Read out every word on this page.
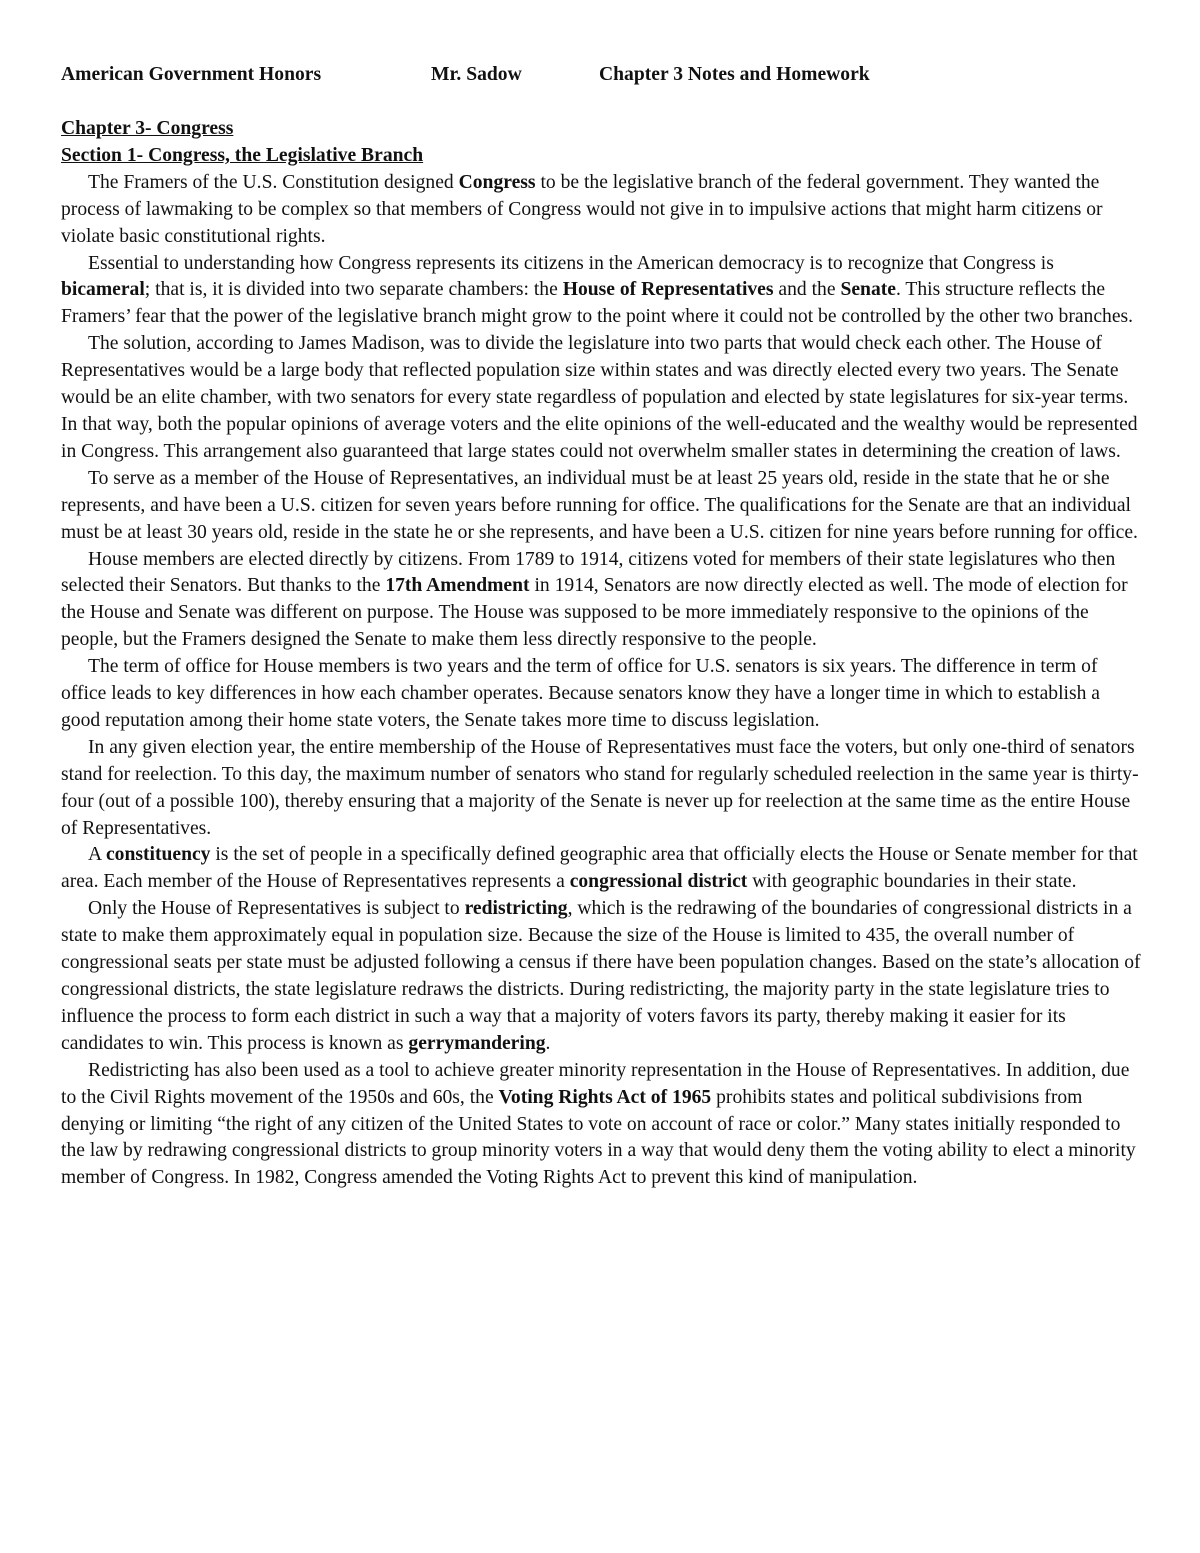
American Government Honors	Mr. Sadow	Chapter 3 Notes and Homework
Chapter 3- Congress
Section 1- Congress, the Legislative Branch

The Framers of the U.S. Constitution designed Congress to be the legislative branch of the federal government. They wanted the process of lawmaking to be complex so that members of Congress would not give in to impulsive actions that might harm citizens or violate basic constitutional rights.

Essential to understanding how Congress represents its citizens in the American democracy is to recognize that Congress is bicameral; that is, it is divided into two separate chambers: the House of Representatives and the Senate. This structure reflects the Framers’ fear that the power of the legislative branch might grow to the point where it could not be controlled by the other two branches.

The solution, according to James Madison, was to divide the legislature into two parts that would check each other. The House of Representatives would be a large body that reflected population size within states and was directly elected every two years. The Senate would be an elite chamber, with two senators for every state regardless of population and elected by state legislatures for six-year terms. In that way, both the popular opinions of average voters and the elite opinions of the well-educated and the wealthy would be represented in Congress. This arrangement also guaranteed that large states could not overwhelm smaller states in determining the creation of laws.

To serve as a member of the House of Representatives, an individual must be at least 25 years old, reside in the state that he or she represents, and have been a U.S. citizen for seven years before running for office. The qualifications for the Senate are that an individual must be at least 30 years old, reside in the state he or she represents, and have been a U.S. citizen for nine years before running for office.

House members are elected directly by citizens. From 1789 to 1914, citizens voted for members of their state legislatures who then selected their Senators. But thanks to the 17th Amendment in 1914, Senators are now directly elected as well. The mode of election for the House and Senate was different on purpose. The House was supposed to be more immediately responsive to the opinions of the people, but the Framers designed the Senate to make them less directly responsive to the people.

The term of office for House members is two years and the term of office for U.S. senators is six years. The difference in term of office leads to key differences in how each chamber operates. Because senators know they have a longer time in which to establish a good reputation among their home state voters, the Senate takes more time to discuss legislation.

In any given election year, the entire membership of the House of Representatives must face the voters, but only one-third of senators stand for reelection. To this day, the maximum number of senators who stand for regularly scheduled reelection in the same year is thirty-four (out of a possible 100), thereby ensuring that a majority of the Senate is never up for reelection at the same time as the entire House of Representatives.

A constituency is the set of people in a specifically defined geographic area that officially elects the House or Senate member for that area. Each member of the House of Representatives represents a congressional district with geographic boundaries in their state.

Only the House of Representatives is subject to redistricting, which is the redrawing of the boundaries of congressional districts in a state to make them approximately equal in population size. Because the size of the House is limited to 435, the overall number of congressional seats per state must be adjusted following a census if there have been population changes. Based on the state’s allocation of congressional districts, the state legislature redraws the districts. During redistricting, the majority party in the state legislature tries to influence the process to form each district in such a way that a majority of voters favors its party, thereby making it easier for its candidates to win. This process is known as gerrymandering.

Redistricting has also been used as a tool to achieve greater minority representation in the House of Representatives. In addition, due to the Civil Rights movement of the 1950s and 60s, the Voting Rights Act of 1965 prohibits states and political subdivisions from denying or limiting “the right of any citizen of the United States to vote on account of race or color.” Many states initially responded to the law by redrawing congressional districts to group minority voters in a way that would deny them the voting ability to elect a minority member of Congress. In 1982, Congress amended the Voting Rights Act to prevent this kind of manipulation.
